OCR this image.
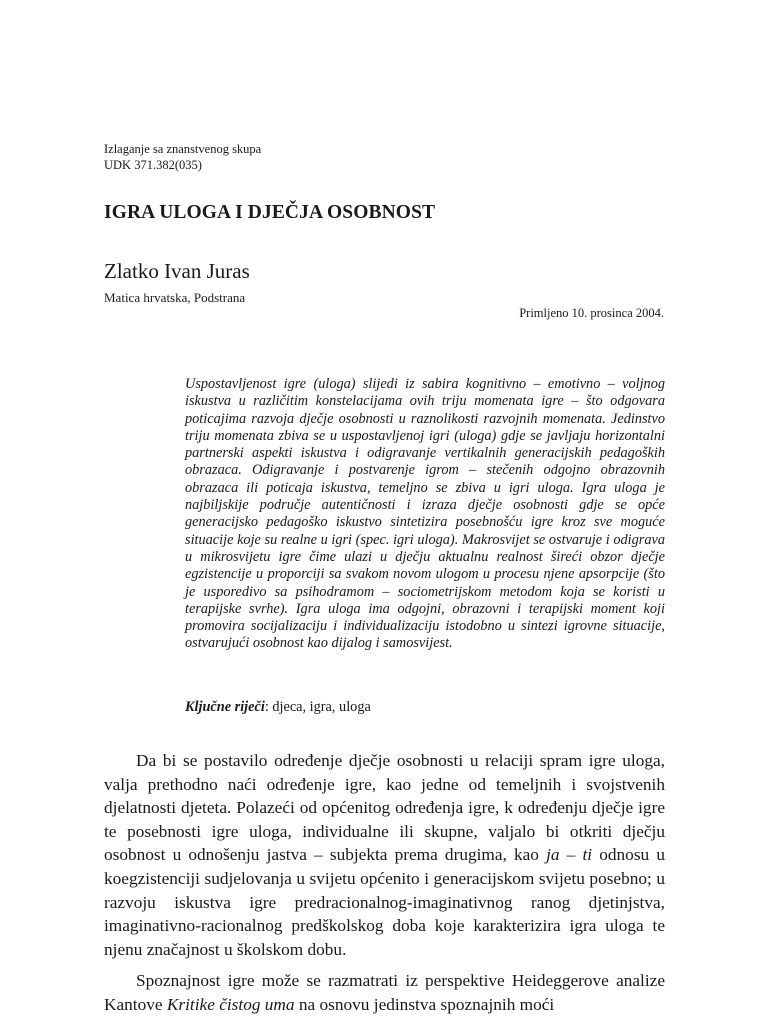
Izlaganje sa znanstvenog skupa
UDK 371.382(035)
IGRA ULOGA I DJEČJA OSOBNOST
Zlatko Ivan Juras
Matica hrvatska, Podstrana
Primljeno 10. prosinca 2004.

Uspostavljenost igre (uloga) slijedi iz sabira kognitivno – emotivno – voljnog iskustva u različitim konstelacijama ovih triju momenata igre – što odgovara poticajima razvoja dječje osobnosti u raznolikosti razvojnih momenata. Jedinstvo triju momenata zbiva se u uspostavljenoj igri (uloga) gdje se javljaju horizontalni partnerski aspekti iskustva i odigravanje vertikalnih generacijskih pedagoških obrazaca. Odigravanje i postvarenje igrom – stečenih odgojno obrazovnih obrazaca ili poticaja iskustva, temeljno se zbiva u igri uloga. Igra uloga je najbiljskije područje autentičnosti i izraza dječje osobnosti gdje se opće generacijsko pedagoško iskustvo sintetizira posebnošću igre kroz sve moguće situacije koje su realne u igri (spec. igri uloga). Makrosvijet se ostvaruje i odigrava u mikrosvijetu igre čime ulazi u dječju aktualnu realnost šireći obzor dječje egzistencije u proporciji sa svakom novom ulogom u procesu njene apsorpcije (što je usporedivo sa psihodramom – sociometrijskom metodom koja se koristi u terapijske svrhe). Igra uloga ima odgojni, obrazovni i terapijski moment koji promovira socijalizaciju i individualizaciju istodobno u sintezi igrovne situacije, ostvarujući osobnost kao dijalog i samosvijest.

Ključne riječi: djeca, igra, uloga

Da bi se postavilo određenje dječje osobnosti u relaciji spram igre uloga, valja prethodno naći određenje igre, kao jedne od temeljnih i svojstvenih djelatnosti djeteta. Polazeći od općenitog određenja igre, k određenju dječje igre te posebnosti igre uloga, individualne ili skupne, valjalo bi otkriti dječju osobnost u odnošenju jastva – subjekta prema drugima, kao ja – ti odnosu u koegzistenciji sudjelovanja u svijetu općenito i generacijskom svijetu posebno; u razvoju iskustva igre predracionalnog-imaginativnog ranog djetinjstva, imaginativno-racionalnog predškolskog doba koje karakterizira igra uloga te njenu značajnost u školskom dobu.

Spoznajnost igre može se razmatrati iz perspektive Heideggerove analize Kantove Kritike čistog uma na osnovu jedinstva spoznajnih moći
